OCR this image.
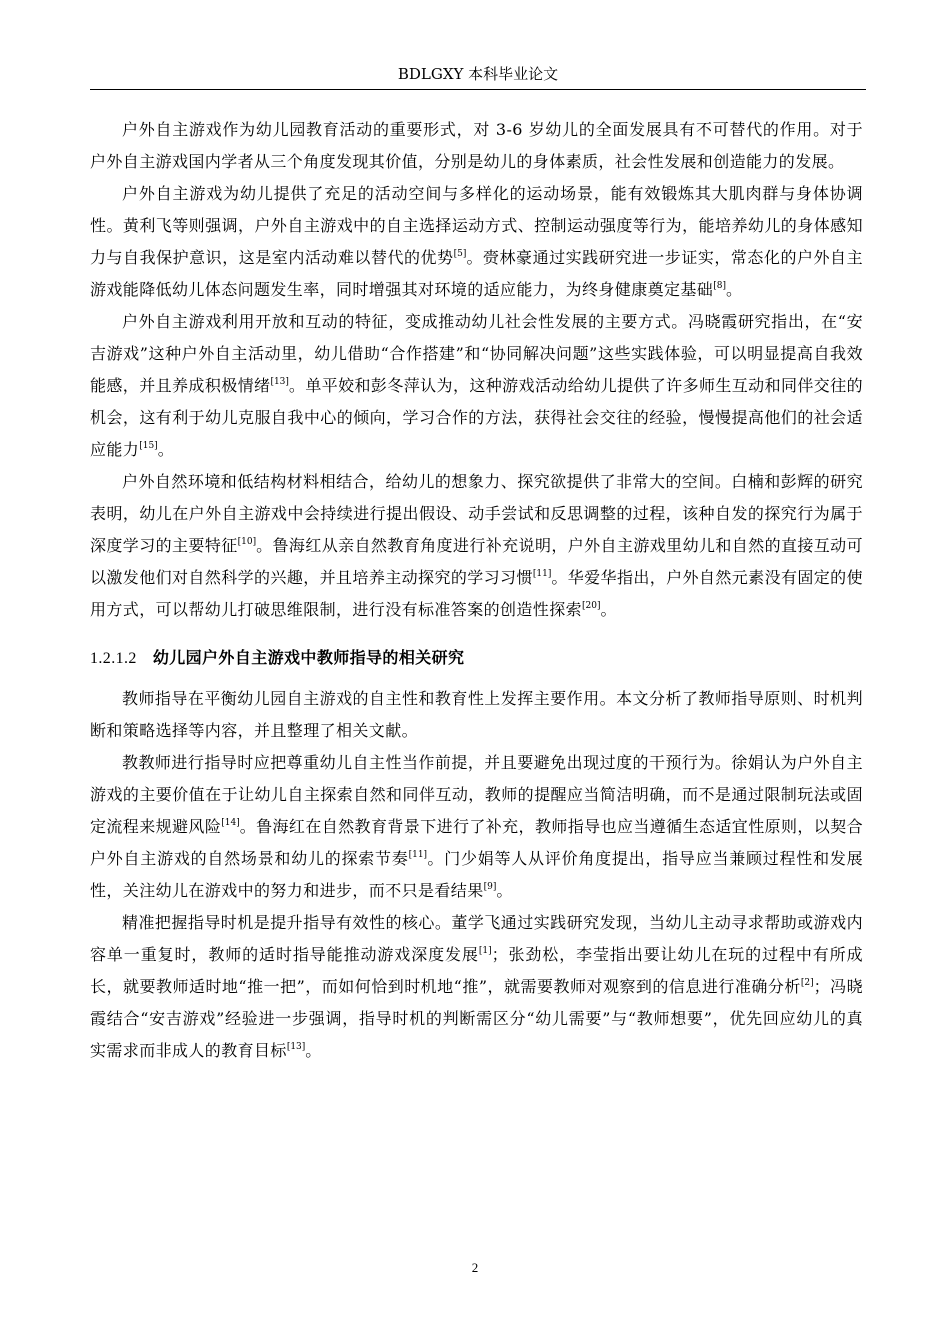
BDLGXY 本科毕业论文

户外自主游戏作为幼儿园教育活动的重要形式，对 3-6 岁幼儿的全面发展具有不可替代的作用。对于户外自主游戏国内学者从三个角度发现其价值，分别是幼儿的身体素质，社会性发展和创造能力的发展。

户外自主游戏为幼儿提供了充足的活动空间与多样化的运动场景，能有效锻炼其大肌肉群与身体协调性。黄利飞等则强调，户外自主游戏中的自主选择运动方式、控制运动强度等行为，能培养幼儿的身体感知力与自我保护意识，这是室内活动难以替代的优势[5]。赍林豪通过实践研究进一步证实，常态化的户外自主游戏能降低幼儿体态问题发生率，同时增强其对环境的适应能力，为终身健康奠定基础[8]。

户外自主游戏利用开放和互动的特征，变成推动幼儿社会性发展的主要方式。冯晓霞研究指出，在“安吉游戏”这种户外自主活动里，幼儿借助“合作搭建”和“协同解决问题”这些实践体验，可以明显提高自我效能感，并且养成积极情绪[13]。单平姣和彭冬萍认为，这种游戏活动给幼儿提供了许多师生互动和同伴交往的机会，这有利于幼儿克服自我中心的倾向，学习合作的方法，获得社会交往的经验，慢慢提高他们的社会适应能力[15]。

户外自然环境和低结构材料相结合，给幼儿的想象力、探究欲提供了非常大的空间。白楠和彭辉的研究表明，幼儿在户外自主游戏中会持续进行提出假设、动手尝试和反思调整的过程，该种自发的探究行为属于深度学习的主要特征[10]。鲁海红从亲自然教育角度进行补充说明，户外自主游戏里幼儿和自然的直接互动可以激发他们对自然科学的兴趣，并且培养主动探究的学习习惯[11]。华爱华指出，户外自然元素没有固定的使用方式，可以帮幼儿打破思维限制，进行没有标准答案的创造性探索[20]。

1.2.1.2 幼儿园户外自主游戏中教师指导的相关研究

教师指导在平衡幼儿园自主游戏的自主性和教育性上发挥主要作用。本文分析了教师指导原则、时机判断和策略选择等内容，并且整理了相关文献。

教教师进行指导时应把尊重幼儿自主性当作前提，并且要避免出现过度的干预行为。徐娟认为户外自主游戏的主要价值在于让幼儿自主探索自然和同伴互动，教师的提醒应当简洁明确，而不是通过限制玩法或固定流程来规避风险[14]。鲁海红在自然教育背景下进行了补充，教师指导也应当遵循生态适宜性原则，以契合户外自主游戏的自然场景和幼儿的探索节奏[11]。门少娟等人从评价角度提出，指导应当兼顾过程性和发展性，关注幼儿在游戏中的努力和进步，而不只是看结果[9]。

精准把握指导时机是提升指导有效性的核心。董学飞通过实践研究发现，当幼儿主动寻求帮助或游戏内容单一重复时，教师的适时指导能推动游戏深度发展[1]；张劲松，李莹指出要让幼儿在玩的过程中有所成长，就要教师适时地“推一把”，而如何恰到时机地“推”，就需要教师对观察到的信息进行准确分析[2]；冯晓霞结合“安吉游戏”经验进一步强调，指导时机的判断需区分“幼儿需要”与“教师想要”，优先回应幼儿的真实需求而非成人的教育目标[13]。

2
